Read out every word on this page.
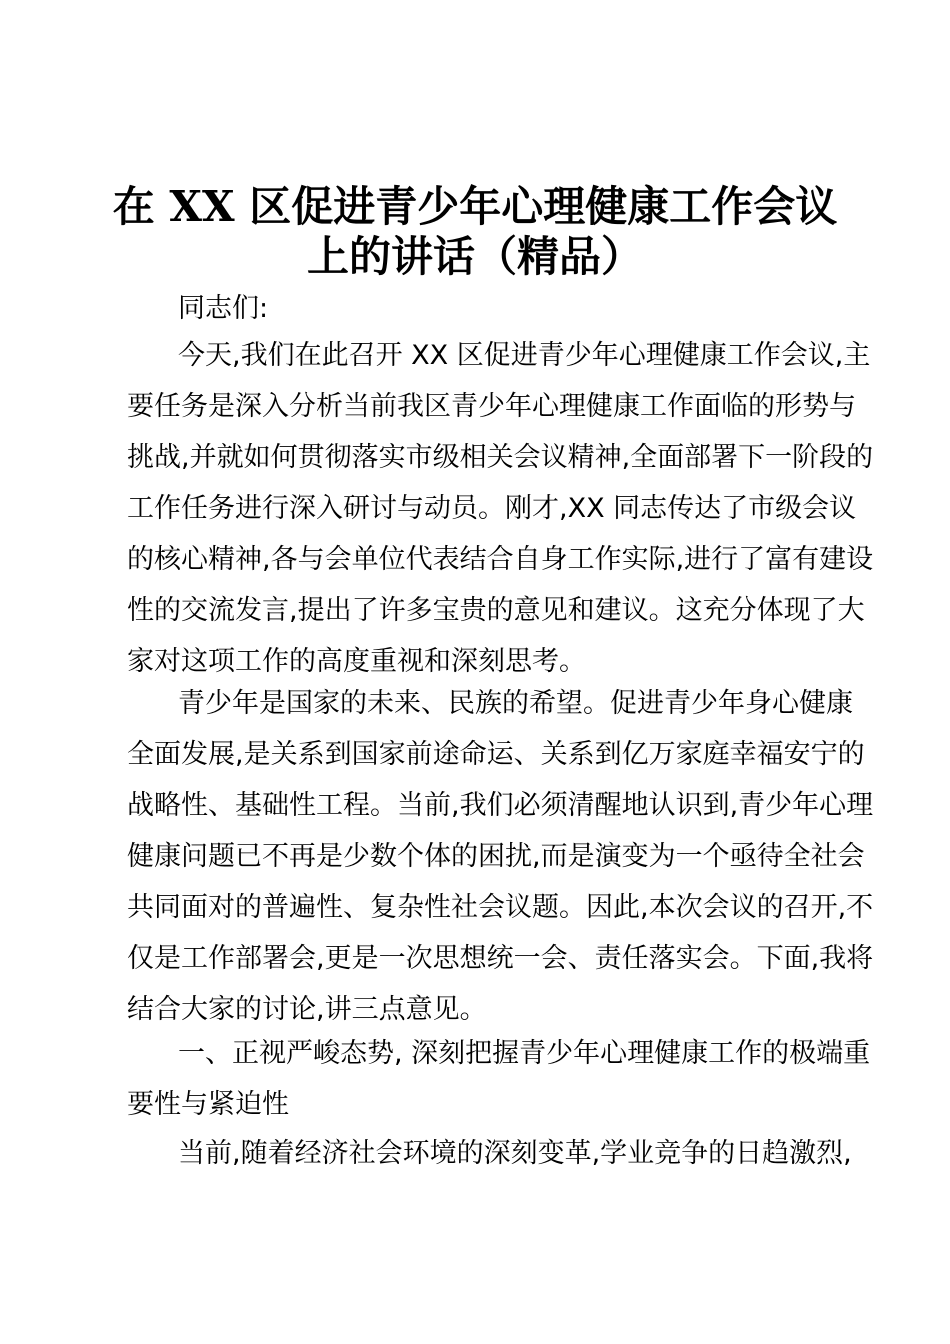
在 XX 区促进青少年心理健康工作会议
上的讲话（精品）
同志们:
今天,我们在此召开 XX 区促进青少年心理健康工作会议,主
要任务是深入分析当前我区青少年心理健康工作面临的形势与
挑战,并就如何贯彻落实市级相关会议精神,全面部署下一阶段的
工作任务进行深入研讨与动员。刚才,XX 同志传达了市级会议
的核心精神,各与会单位代表结合自身工作实际,进行了富有建设
性的交流发言,提出了许多宝贵的意见和建议。这充分体现了大
家对这项工作的高度重视和深刻思考。
青少年是国家的未来、民族的希望。促进青少年身心健康
全面发展,是关系到国家前途命运、关系到亿万家庭幸福安宁的
战略性、基础性工程。当前,我们必须清醒地认识到,青少年心理
健康问题已不再是少数个体的困扰,而是演变为一个亟待全社会
共同面对的普遍性、复杂性社会议题。因此,本次会议的召开,不
仅是工作部署会,更是一次思想统一会、责任落实会。下面,我将
结合大家的讨论,讲三点意见。
一、正视严峻态势, 深刻把握青少年心理健康工作的极端重
要性与紧迫性
当前,随着经济社会环境的深刻变革,学业竞争的日趋激烈,
